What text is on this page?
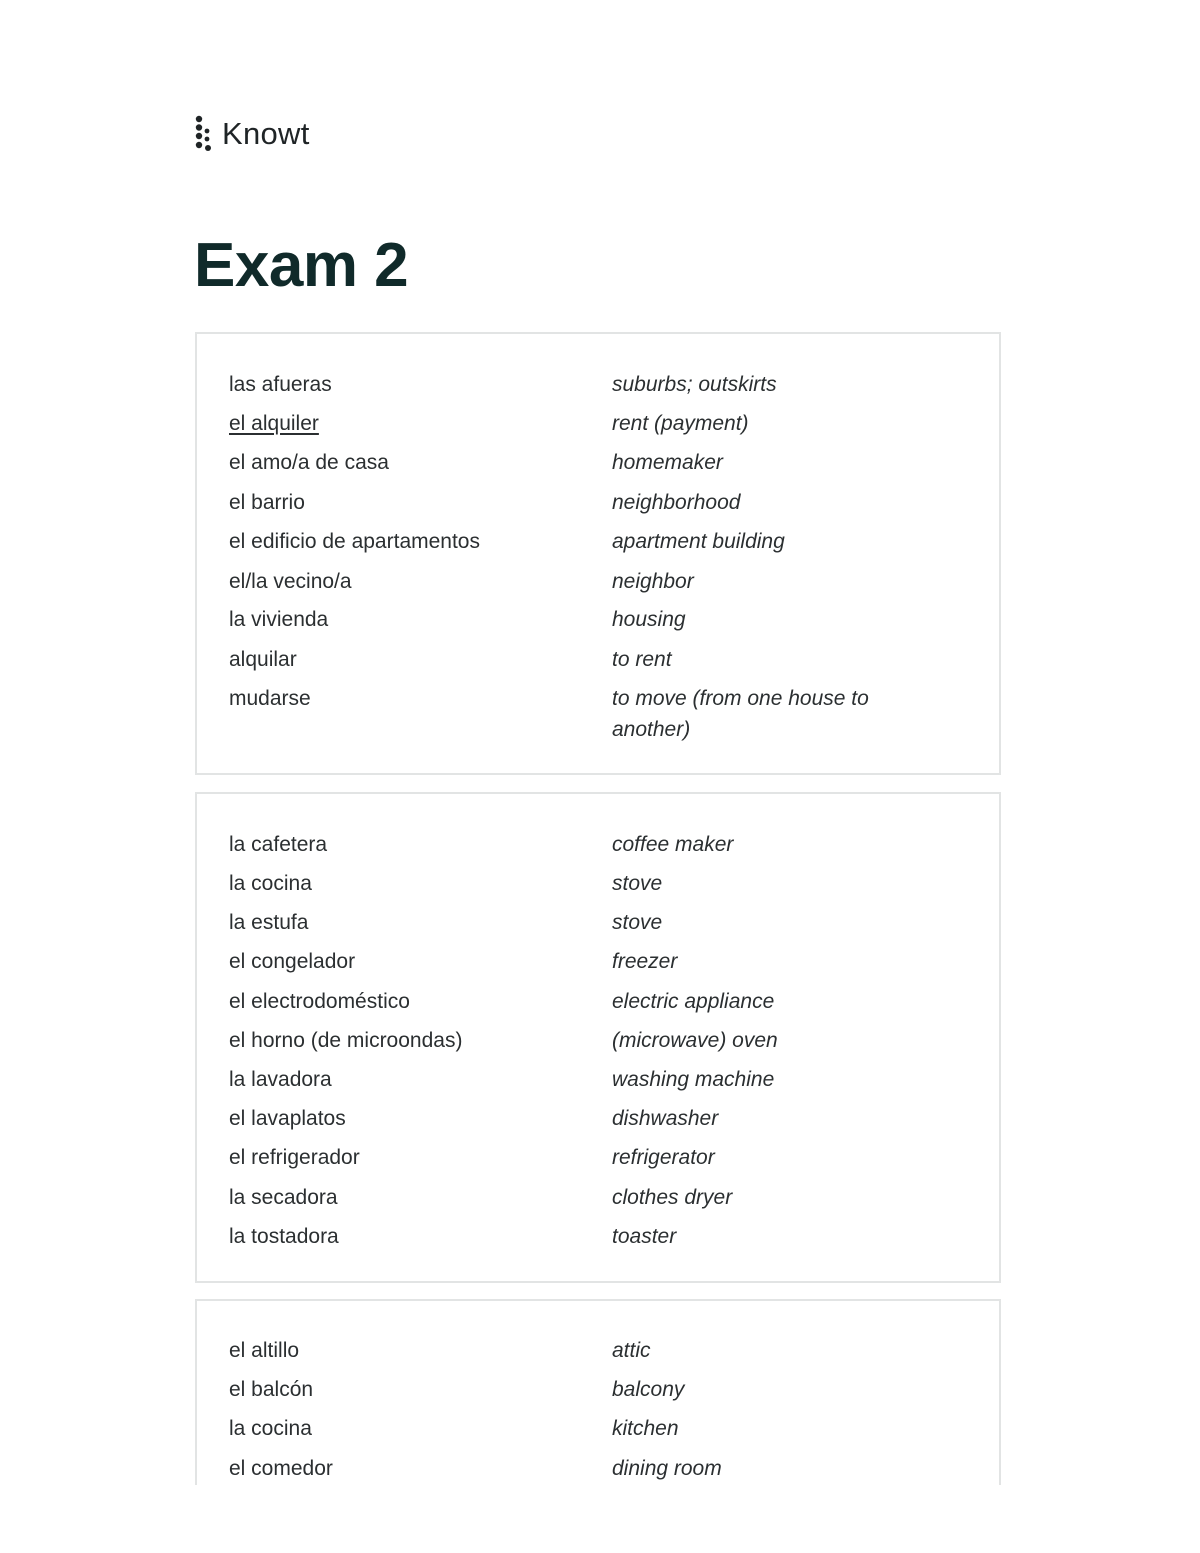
Knowt
Exam 2
las afueras	suburbs; outskirts
el alquiler	rent (payment)
el amo/a de casa	homemaker
el barrio	neighborhood
el edificio de apartamentos	apartment building
el/la vecino/a	neighbor
la vivienda	housing
alquilar	to rent
mudarse	to move (from one house to another)
la cafetera	coffee maker
la cocina	stove
la estufa	stove
el congelador	freezer
el electrodoméstico	electric appliance
el horno (de microondas)	(microwave) oven
la lavadora	washing machine
el lavaplatos	dishwasher
el refrigerador	refrigerator
la secadora	clothes dryer
la tostadora	toaster
el altillo	attic
el balcón	balcony
la cocina	kitchen
el comedor	dining room
